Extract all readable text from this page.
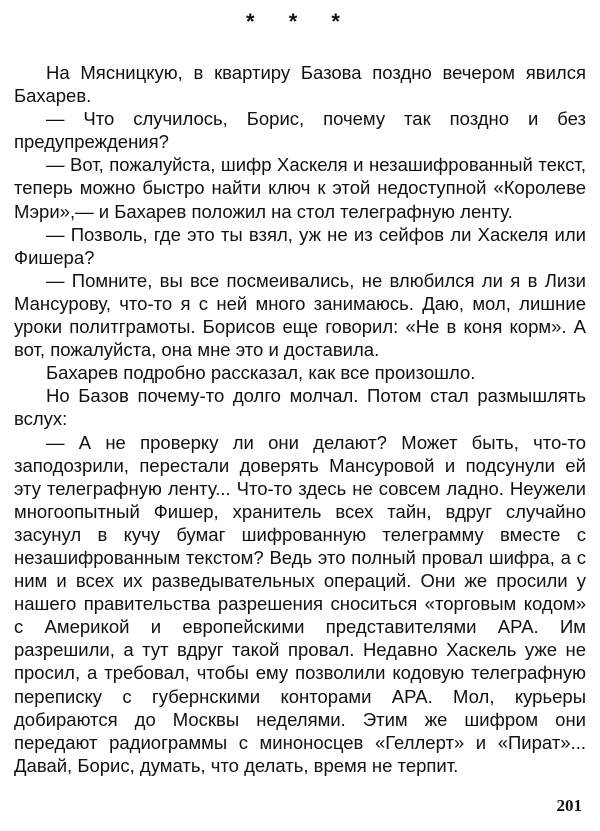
* * *

На Мясницкую, в квартиру Базова поздно вечером явился Бахарев.

— Что случилось, Борис, почему так поздно и без предупреждения?

— Вот, пожалуйста, шифр Хаскеля и незашифрованный текст, теперь можно быстро найти ключ к этой недоступной «Королеве Мэри»,— и Бахарев положил на стол телеграфную ленту.

— Позволь, где это ты взял, уж не из сейфов ли Хаскеля или Фишера?

— Помните, вы все посмеивались, не влюбился ли я в Лизи Мансурову, что-то я с ней много занимаюсь. Даю, мол, лишние уроки политграмоты. Борисов еще говорил: «Не в коня корм». А вот, пожалуйста, она мне это и доставила.

Бахарев подробно рассказал, как все произошло.

Но Базов почему-то долго молчал. Потом стал размышлять вслух:

— А не проверку ли они делают? Может быть, что-то заподозрили, перестали доверять Мансуровой и подсунули ей эту телеграфную ленту... Что-то здесь не совсем ладно. Неужели многоопытный Фишер, хранитель всех тайн, вдруг случайно засунул в кучу бумаг шифрованную телеграмму вместе с незашифрованным текстом? Ведь это полный провал шифра, а с ним и всех их разведывательных операций. Они же просили у нашего правительства разрешения сноситься «торговым кодом» с Америкой и европейскими представителями АРА. Им разрешили, а тут вдруг такой провал. Недавно Хаскель уже не просил, а требовал, чтобы ему позволили кодовую телеграфную переписку с губернскими конторами АРА. Мол, курьеры добираются до Москвы неделями. Этим же шифром они передают радиограммы с миноносцев «Геллерт» и «Пират»... Давай, Борис, думать, что делать, время не терпит.

201
